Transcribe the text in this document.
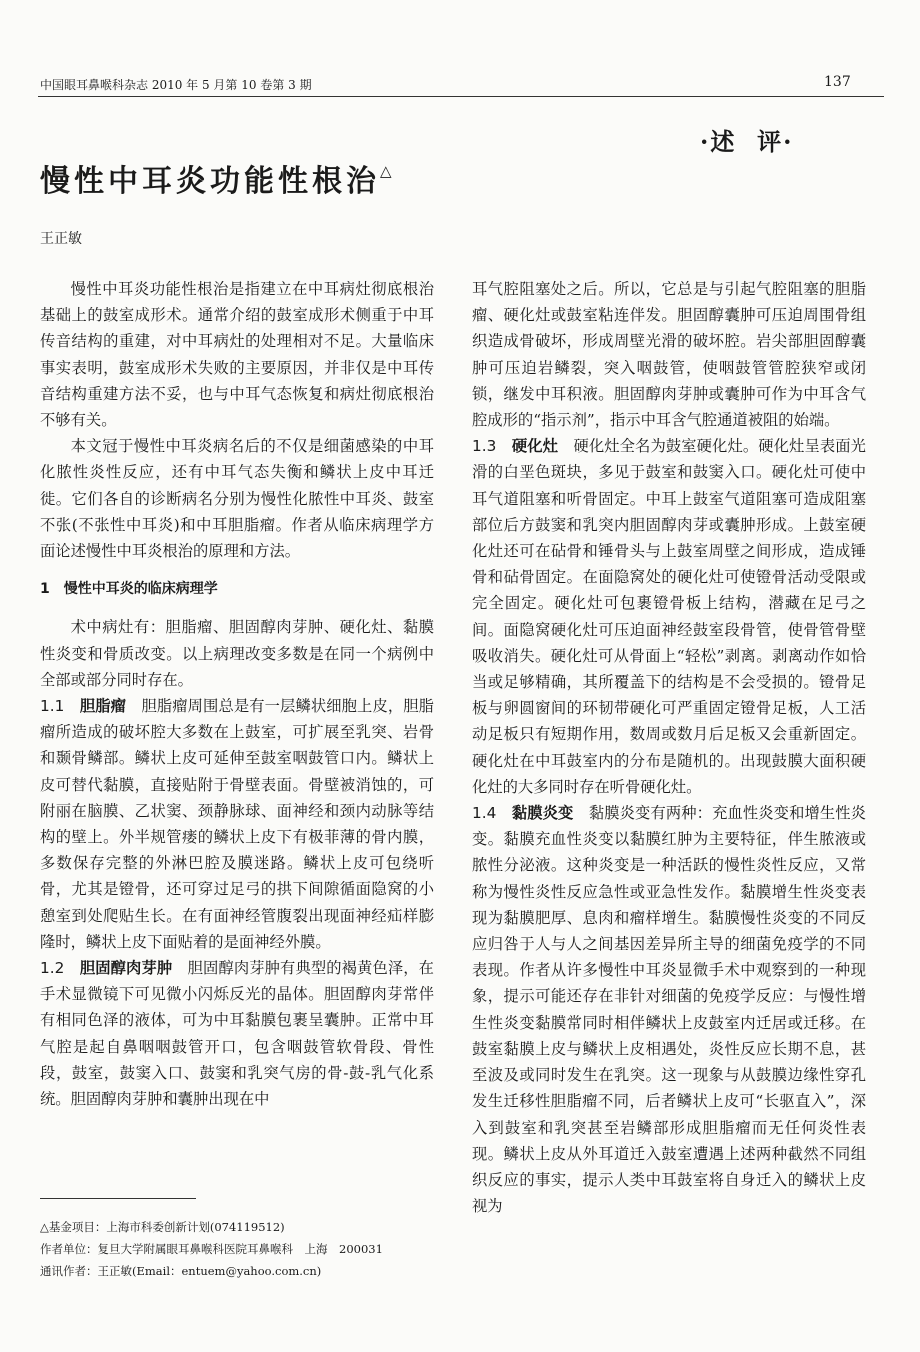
中国眼耳鼻喉科杂志 2010 年 5 月第 10 卷第 3 期	137
·述  评·
慢性中耳炎功能性根治△
王正敏

慢性中耳炎功能性根治是指建立在中耳病灶彻底根治基础上的鼓室成形术。通常介绍的鼓室成形术侧重于中耳传音结构的重建，对中耳病灶的处理相对不足。大量临床事实表明，鼓室成形术失败的主要原因，并非仅是中耳传音结构重建方法不妥，也与中耳气态恢复和病灶彻底根治不够有关。

本文冠于慢性中耳炎病名后的不仅是细菌感染的中耳化脓性炎性反应，还有中耳气态失衡和鳞状上皮中耳迁徙。它们各自的诊断病名分别为慢性化脓性中耳炎、鼓室不张(不张性中耳炎)和中耳胆脂瘤。作者从临床病理学方面论述慢性中耳炎根治的原理和方法。

1　慢性中耳炎的临床病理学

术中病灶有：胆脂瘤、胆固醇肉芽肿、硬化灶、黏膜性炎变和骨质改变。以上病理改变多数是在同一个病例中全部或部分同时存在。

1.1　 胆脂瘤　 胆脂瘤周围总是有一层鳞状细胞上皮，胆脂瘤所造成的破坏腔大多数在上鼓室，可扩展至乳突、岩骨和颞骨鳞部。鳞状上皮可延伸至鼓室咽鼓管口内。鳞状上皮可替代黏膜，直接贴附于骨壁表面。骨壁被消蚀的，可附丽在脑膜、乙状窦、颈静脉球、面神经和颈内动脉等结构的壁上。外半规管瘘的鳞状上皮下有极菲薄的骨内膜，多数保存完整的外淋巴腔及膜迷路。鳞状上皮可包绕听骨，尤其是镫骨，还可穿过足弓的拱下间隙循面隐窝的小憩室到处爬贴生长。在有面神经管腹裂出现面神经疝样膨隆时，鳞状上皮下面贴着的是面神经外膜。

1.2　 胆固醇肉芽肿　 胆固醇肉芽肿有典型的褐黄色泽，在手术显微镜下可见微小闪烁反光的晶体。胆固醇肉芽常伴有相同色泽的液体，可为中耳黏膜包裹呈囊肿。正常中耳气腔是起自鼻咽咽鼓管开口，包含咽鼓管软骨段、骨性段，鼓室，鼓窦入口、鼓窦和乳突气房的骨-鼓-乳气化系统。胆固醇肉芽肿和囊肿出现在中

耳气腔阻塞处之后。所以，它总是与引起气腔阻塞的胆脂瘤、硬化灶或鼓室粘连伴发。胆固醇囊肿可压迫周围骨组织造成骨破坏，形成周壁光滑的破坏腔。岩尖部胆固醇囊肿可压迫岩鳞裂，突入咽鼓管，使咽鼓管管腔狭窄或闭锁，继发中耳积液。胆固醇肉芽肿或囊肿可作为中耳含气腔成形的“指示剂”，指示中耳含气腔通道被阻的始端。

1.3　 硬化灶　 硬化灶全名为鼓室硬化灶。硬化灶呈表面光滑的白垩色斑块，多见于鼓室和鼓窦入口。硬化灶可使中耳气道阻塞和听骨固定。中耳上鼓室气道阻塞可造成阻塞部位后方鼓窦和乳突内胆固醇肉芽或囊肿形成。上鼓室硬化灶还可在砧骨和锤骨头与上鼓室周壁之间形成，造成锤骨和砧骨固定。在面隐窝处的硬化灶可使镫骨活动受限或完全固定。硬化灶可包裹镫骨板上结构，潜藏在足弓之间。面隐窝硬化灶可压迫面神经鼓室段骨管，使骨管骨壁吸收消失。硬化灶可从骨面上“轻松”剥离。剥离动作如恰当或足够精确，其所覆盖下的结构是不会受损的。镫骨足板与卵圆窗间的环韧带硬化可严重固定镫骨足板，人工活动足板只有短期作用，数周或数月后足板又会重新固定。硬化灶在中耳鼓室内的分布是随机的。出现鼓膜大面积硬化灶的大多同时存在听骨硬化灶。

1.4　 黏膜炎变　 黏膜炎变有两种：充血性炎变和增生性炎变。黏膜充血性炎变以黏膜红肿为主要特征，伴生脓液或脓性分泌液。这种炎变是一种活跃的慢性炎性反应，又常称为慢性炎性反应急性或亚急性发作。黏膜增生性炎变表现为黏膜肥厚、息肉和瘤样增生。黏膜慢性炎变的不同反应归咎于人与人之间基因差异所主导的细菌免疫学的不同表现。作者从许多慢性中耳炎显微手术中观察到的一种现象，提示可能还存在非针对细菌的免疫学反应：与慢性增生性炎变黏膜常同时相伴鳞状上皮鼓室内迁居或迁移。在鼓室黏膜上皮与鳞状上皮相遇处，炎性反应长期不息，甚至波及或同时发生在乳突。这一现象与从鼓膜边缘性穿孔发生迁移性胆脂瘤不同，后者鳞状上皮可“长驱直入”，深入到鼓室和乳突甚至岩鳞部形成胆脂瘤而无任何炎性表现。鳞状上皮从外耳道迁入鼓室遭遇上述两种截然不同组织反应的事实，提示人类中耳鼓室将自身迁入的鳞状上皮视为

△基金项目：上海市科委创新计划(074119512)
作者单位：复旦大学附属眼耳鼻喉科医院耳鼻喉科　上海　200031
通讯作者：王正敏(Email：entuem@yahoo.com.cn)
